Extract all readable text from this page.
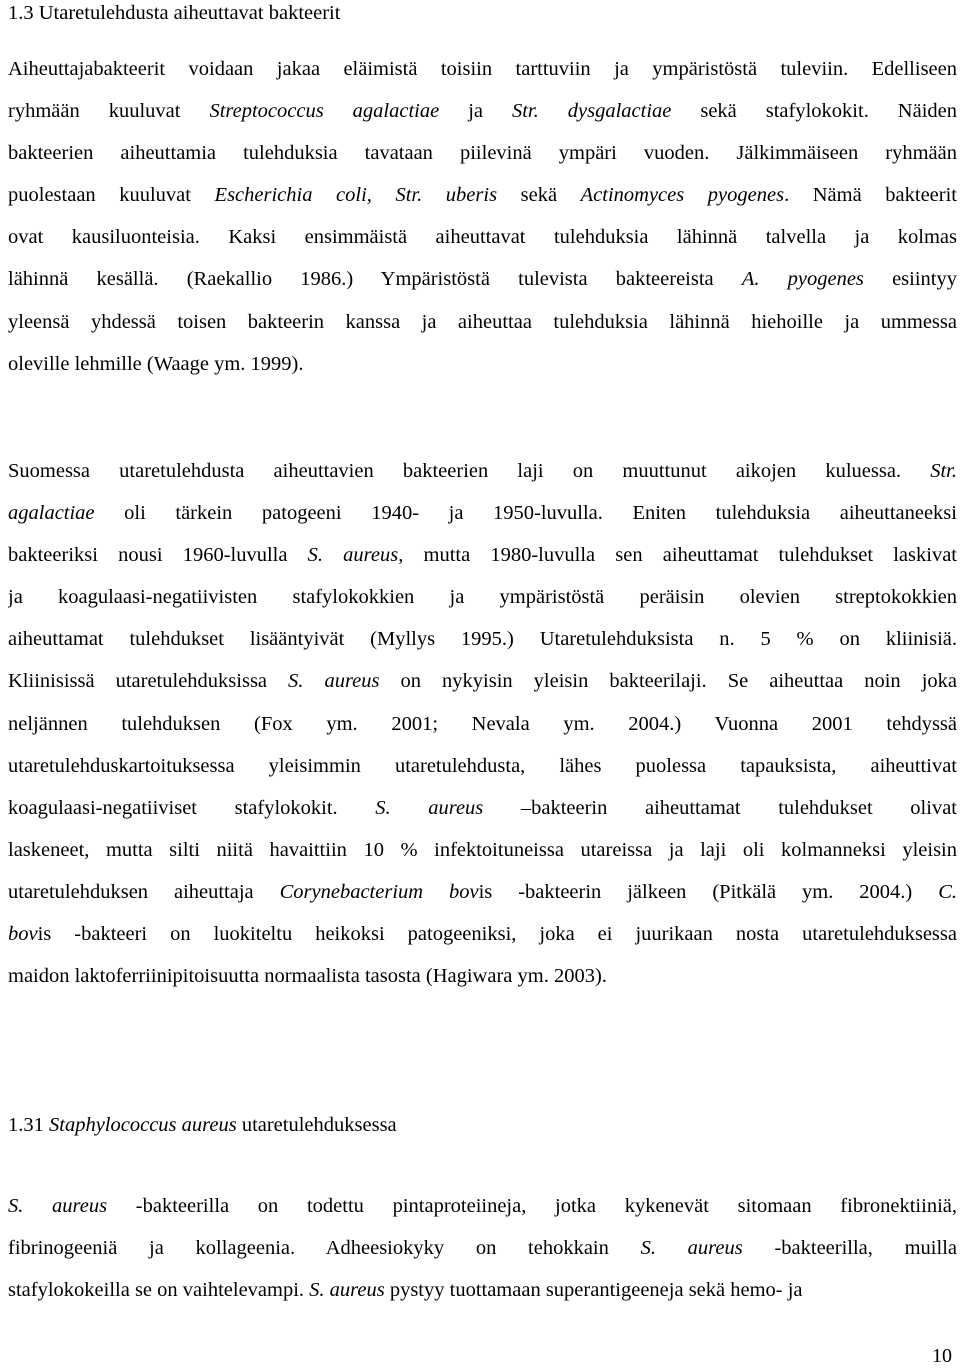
1.3 Utaretulehdusta aiheuttavat bakteerit
Aiheuttajabakteerit voidaan jakaa eläimistä toisiin tarttuviin ja ympäristöstä tuleviin. Edelliseen
ryhmään kuuluvat Streptococcus agalactiae ja Str. dysgalactiae sekä stafylokokit. Näiden
bakteerien aiheuttamia tulehduksia tavataan piilevinä ympäri vuoden. Jälkimmäiseen ryhmään
puolestaan kuuluvat Escherichia coli, Str. uberis sekä Actinomyces pyogenes. Nämä bakteerit
ovat kausiluonteisia. Kaksi ensimmäistä aiheuttavat tulehduksia lähinnä talvella ja kolmas
lähinnä kesällä. (Raekallio 1986.) Ympäristöstä tulevista bakteereista A. pyogenes esiintyy
yleensä yhdessä toisen bakteerin kanssa ja aiheuttaa tulehduksia lähinnä hiehoille ja ummessa
oleville lehmille (Waage ym. 1999).
Suomessa utaretulehdusta aiheuttavien bakteerien laji on muuttunut aikojen kuluessa. Str.
agalactiae oli tärkein patogeeni 1940- ja 1950-luvulla. Eniten tulehduksia aiheuttaneeksi
bakteeriksi nousi 1960-luvulla S. aureus, mutta 1980-luvulla sen aiheuttamat tulehdukset laskivat
ja koagulaasi-negatiivisten stafylokokkien ja ympäristöstä peräisin olevien streptokokkien
aiheuttamat tulehdukset lisääntyivät (Myllys 1995.) Utaretulehduksista n. 5 % on kliinisiä.
Kliinisissä utaretulehduksissa S. aureus on nykyisin yleisin bakteerilaji. Se aiheuttaa noin joka
neljännen tulehduksen (Fox ym. 2001; Nevala ym. 2004.) Vuonna 2001 tehdyssä
utaretulehduskartoituksessa yleisimmin utaretulehdusta, lähes puolessa tapauksista, aiheuttivat
koagulaasi-negatiiviset stafylokokit. S. aureus –bakteerin aiheuttamat tulehdukset olivat
laskeneet, mutta silti niitä havaittiin 10 % infektoituneissa utareissa ja laji oli kolmanneksi yleisin
utaretulehduksen aiheuttaja Corynebacterium bovis -bakteerin jälkeen (Pitkälä ym. 2004.) C.
bovis -bakteeri on luokiteltu heikoksi patogeeniksi, joka ei juurikaan nosta utaretulehduksessa
maidon laktoferriinipitoisuutta normaalista tasosta (Hagiwara ym. 2003).
1.31 Staphylococcus aureus utaretulehduksessa
S. aureus -bakteerilla on todettu pintaproteiineja, jotka kykenevät sitomaan fibronektiiniä,
fibrinogeeniä ja kollageenia. Adheesiokyky on tehokkain S. aureus -bakteerilla, muilla
stafylokokeilla se on vaihtelevampi. S. aureus pystyy tuottamaan superantigeeneja sekä hemo- ja
10
